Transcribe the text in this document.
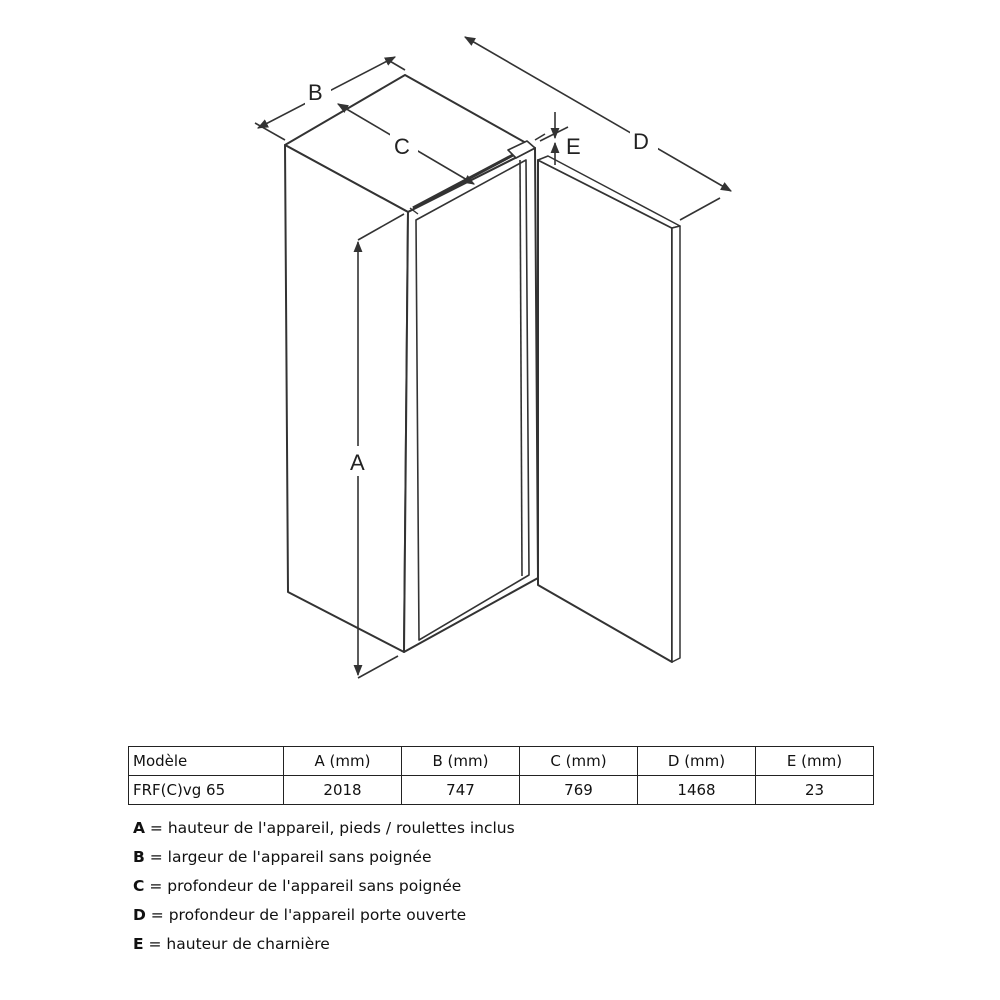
B
C	D
E
A
Modèle	A (mm)	B (mm)	C (mm)	D (mm)	E (mm)
FRF(C)vg 65	2018	747	769	1468	23
A = hauteur de l'appareil, pieds / roulettes inclus
B = largeur de l'appareil sans poignée
C = profondeur de l'appareil sans poignée
D = profondeur de l'appareil porte ouverte
E = hauteur de charnière
